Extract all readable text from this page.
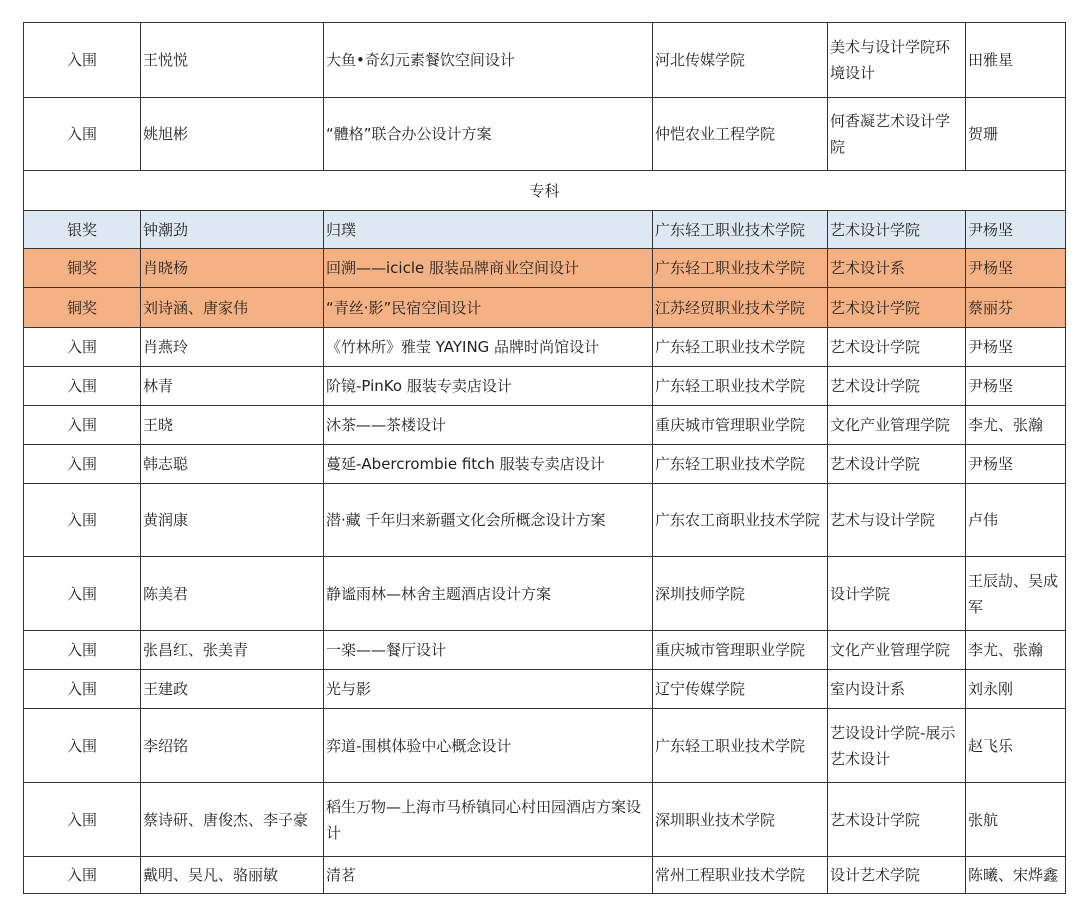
入围	王悦悦	大鱼•奇幻元素餐饮空间设计	河北传媒学院	美术与设计学院环境设计	田雅星
入围	姚旭彬	“體格”联合办公设计方案	仲恺农业工程学院	何香凝艺术设计学院	贺珊
专科					
银奖	钟潮劲	归璞	广东轻工职业技术学院	艺术设计学院	尹杨坚
铜奖	肖晓杨	回溯——icicle 服装品牌商业空间设计	广东轻工职业技术学院	艺术设计系	尹杨坚
铜奖	刘诗涵、唐家伟	“青丝·影”民宿空间设计	江苏经贸职业技术学院	艺术设计学院	蔡丽芬
入围	肖燕玲	《竹林所》雅莹 YAYING 品牌时尚馆设计	广东轻工职业技术学院	艺术设计学院	尹杨坚
入围	林青	阶镜-PinKo 服装专卖店设计	广东轻工职业技术学院	艺术设计学院	尹杨坚
入围	王晓	沐茶——茶楼设计	重庆城市管理职业学院	文化产业管理学院	李尤、张瀚
入围	韩志聪	蔓延-Abercrombie fitch 服装专卖店设计	广东轻工职业技术学院	艺术设计学院	尹杨坚
入围	黄润康	潜·藏 千年归来新疆文化会所概念设计方案	广东农工商职业技术学院	艺术与设计学院	卢伟
入围	陈美君	静谧雨林—林舍主题酒店设计方案	深圳技师学院	设计学院	王辰劼、吴成军
入围	张昌红、张美青	一楽——餐厅设计	重庆城市管理职业学院	文化产业管理学院	李尤、张瀚
入围	王建政	光与影	辽宁传媒学院	室内设计系	刘永刚
入围	李绍铭	弈道-围棋体验中心概念设计	广东轻工职业技术学院	艺设设计学院-展示艺术设计	赵飞乐
入围	蔡诗研、唐俊杰、李子豪	稻生万物—上海市马桥镇同心村田园酒店方案设计	深圳职业技术学院	艺术设计学院	张航
入围	戴明、吴凡、骆丽敏	清茗	常州工程职业技术学院	设计艺术学院	陈曦、宋烨鑫
